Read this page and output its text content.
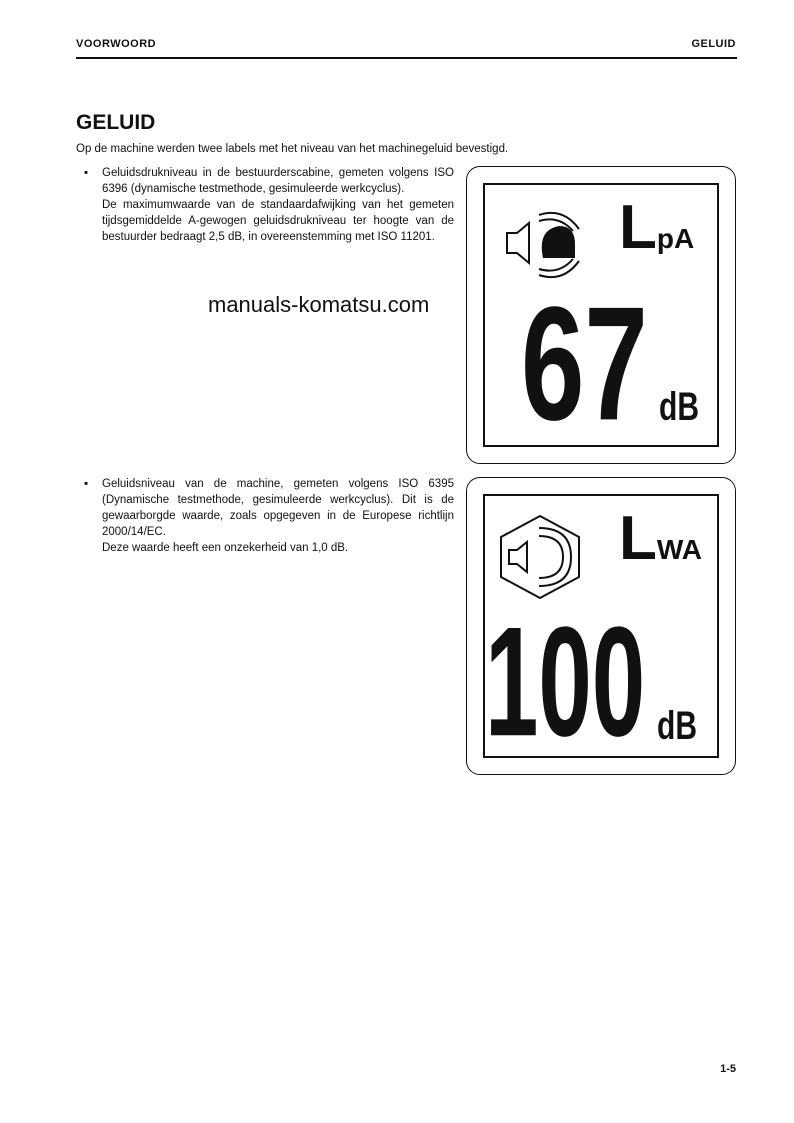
VOORWOORD	GELUID
GELUID
Op de machine werden twee labels met het niveau van het machinegeluid bevestigd.
▪ Geluidsdrukniveau in de bestuurderscabine, gemeten volgens ISO 6396 (dynamische testmethode, gesimuleerde werkcyclus).

De maximumwaarde van de standaardafwijking van het gemeten tijdsgemiddelde A-gewogen geluidsdrukniveau ter hoogte van de bestuurder bedraagt 2,5 dB, in overeenstemming met ISO 11201.

manuals-komatsu.com
▪ Geluidsniveau van de machine, gemeten volgens ISO 6395 (Dynamische testmethode, gesimuleerde werkcyclus). Dit is de gewaarborgde waarde, zoals opgegeven in de Europese richtlijn 2000/14/EC.

Deze waarde heeft een onzekerheid van 1,0 dB.

LpA
67 dB
LWA
100 dB
1-5
